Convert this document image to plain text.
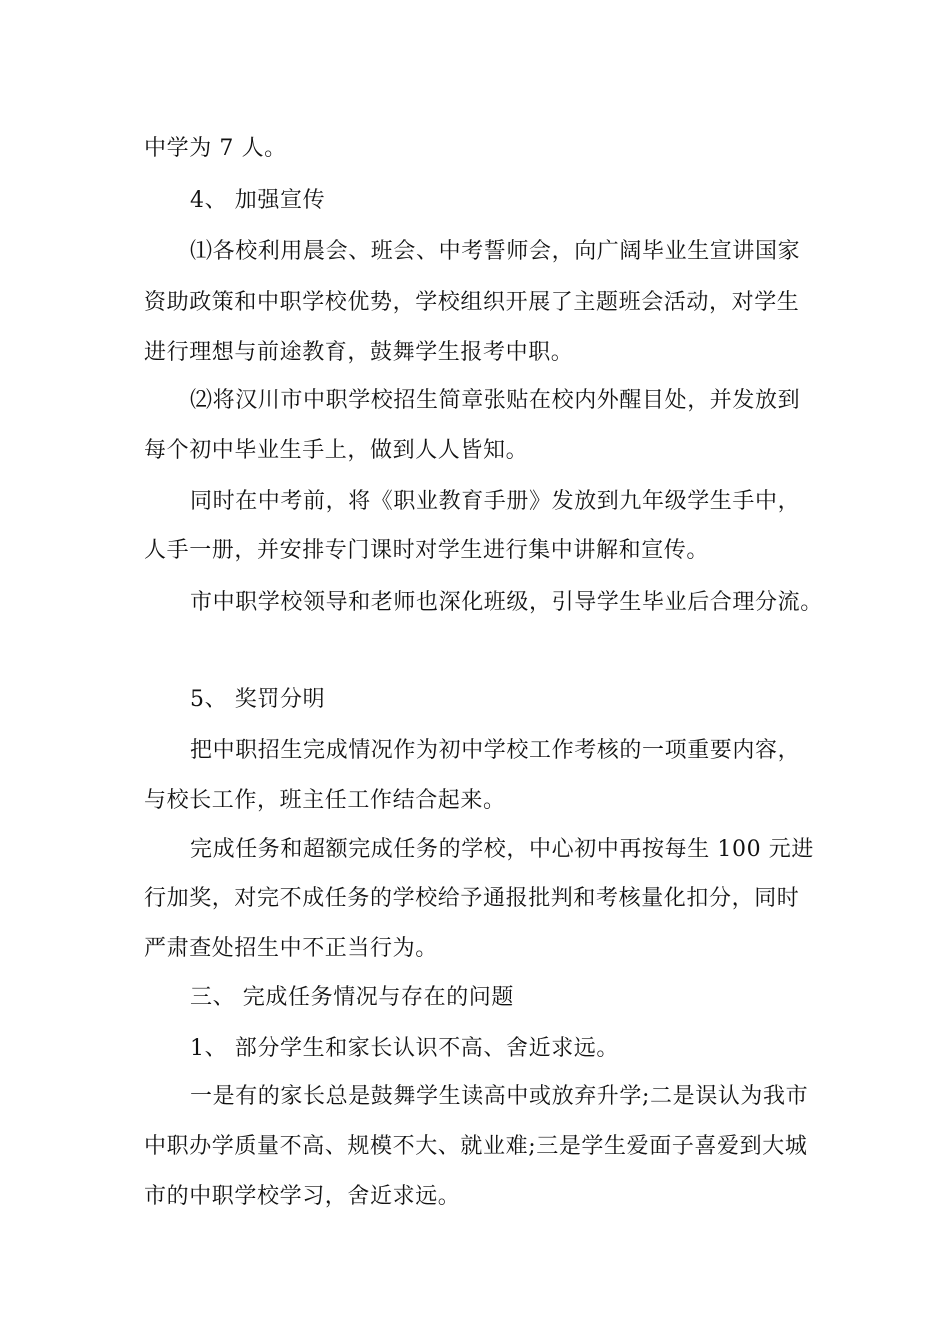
中学为 7 人。
4、 加强宣传
⑴各校利用晨会、班会、中考誓师会，向广阔毕业生宣讲国家
资助政策和中职学校优势，学校组织开展了主题班会活动，对学生
进行理想与前途教育，鼓舞学生报考中职。
⑵将汉川市中职学校招生简章张贴在校内外醒目处，并发放到
每个初中毕业生手上，做到人人皆知。
同时在中考前，将《职业教育手册》发放到九年级学生手中，
人手一册，并安排专门课时对学生进行集中讲解和宣传。
市中职学校领导和老师也深化班级，引导学生毕业后合理分流。
5、 奖罚分明
把中职招生完成情况作为初中学校工作考核的一项重要内容，
与校长工作，班主任工作结合起来。
完成任务和超额完成任务的学校，中心初中再按每生 100 元进
行加奖，对完不成任务的学校给予通报批判和考核量化扣分，同时
严肃查处招生中不正当行为。
三、 完成任务情况与存在的问题
1、 部分学生和家长认识不高、舍近求远。
一是有的家长总是鼓舞学生读高中或放弃升学;二是误认为我市
中职办学质量不高、规模不大、就业难;三是学生爱面子喜爱到大城
市的中职学校学习，舍近求远。
